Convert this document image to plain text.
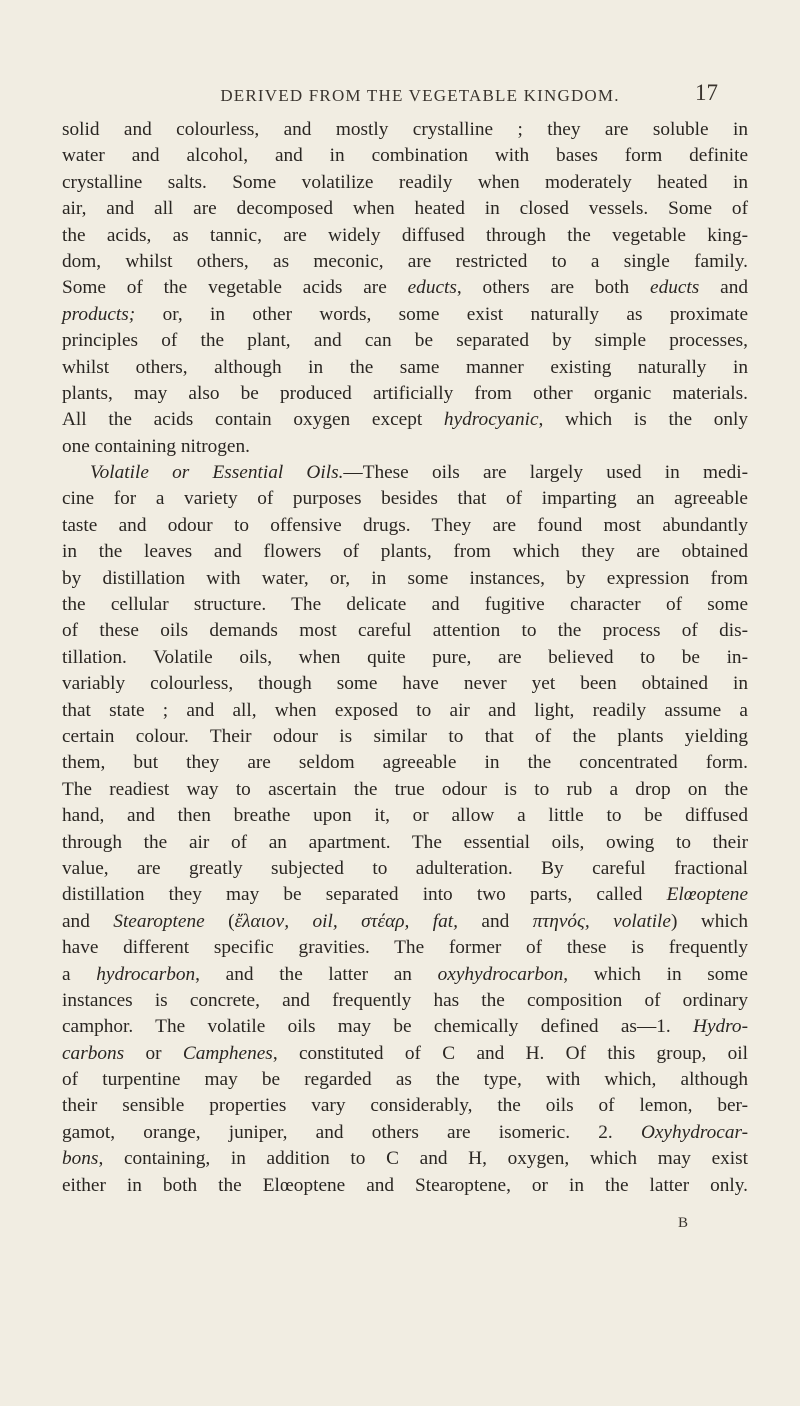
DERIVED FROM THE VEGETABLE KINGDOM.	17
solid and colourless, and mostly crystalline ; they are soluble in
water and alcohol, and in combination with bases form definite
crystalline salts. Some volatilize readily when moderately heated in
air, and all are decomposed when heated in closed vessels. Some of
the acids, as tannic, are widely diffused through the vegetable king-
dom, whilst others, as meconic, are restricted to a single family.
Some of the vegetable acids are educts, others are both educts and
products; or, in other words, some exist naturally as proximate
principles of the plant, and can be separated by simple processes,
whilst others, although in the same manner existing naturally in
plants, may also be produced artificially from other organic materials.
All the acids contain oxygen except hydrocyanic, which is the only
one containing nitrogen.
Volatile or Essential Oils.—These oils are largely used in medi-
cine for a variety of purposes besides that of imparting an agreeable
taste and odour to offensive drugs. They are found most abundantly
in the leaves and flowers of plants, from which they are obtained
by distillation with water, or, in some instances, by expression from
the cellular structure. The delicate and fugitive character of some
of these oils demands most careful attention to the process of dis-
tillation. Volatile oils, when quite pure, are believed to be in-
variably colourless, though some have never yet been obtained in
that state ; and all, when exposed to air and light, readily assume a
certain colour. Their odour is similar to that of the plants yielding
them, but they are seldom agreeable in the concentrated form.
The readiest way to ascertain the true odour is to rub a drop on the
hand, and then breathe upon it, or allow a little to be diffused
through the air of an apartment. The essential oils, owing to their
value, are greatly subjected to adulteration. By careful fractional
distillation they may be separated into two parts, called Elœoptene
and Stearoptene (ἔλαιον, oil, στέαρ, fat, and πτηνός, volatile) which
have different specific gravities. The former of these is frequently
a hydrocarbon, and the latter an oxyhydrocarbon, which in some
instances is concrete, and frequently has the composition of ordinary
camphor. The volatile oils may be chemically defined as—1. Hydro-
carbons or Camphenes, constituted of C and H. Of this group, oil
of turpentine may be regarded as the type, with which, although
their sensible properties vary considerably, the oils of lemon, ber-
gamot, orange, juniper, and others are isomeric. 2. Oxyhydrocar-
bons, containing, in addition to C and H, oxygen, which may exist
either in both the Elœoptene and Stearoptene, or in the latter only.
B
